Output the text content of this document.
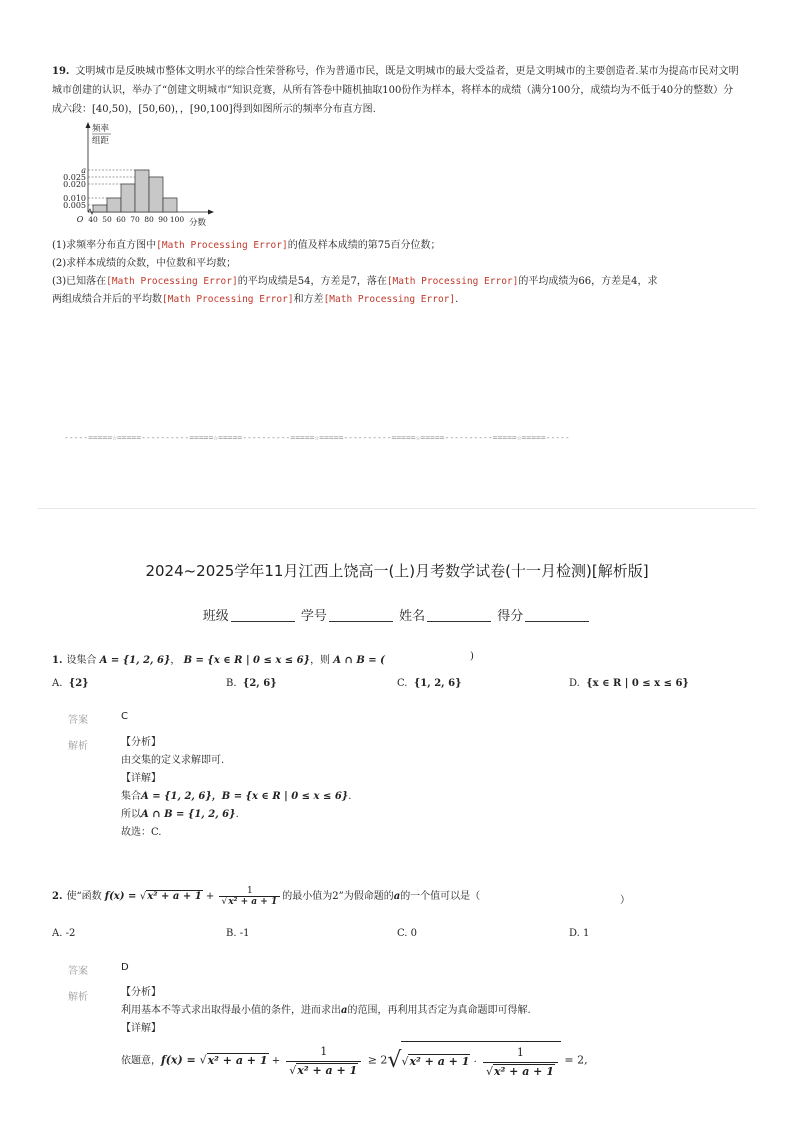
19. 文明城市是反映城市整体文明水平的综合性荣誉称号，作为普通市民，既是文明城市的最大受益者，更是文明城市的主要创造者.某市为提高市民对文明城市创建的认识，举办了“创建文明城市”知识竞赛，从所有答卷中随机抽取100份作为样本，将样本的成绩（满分100分，成绩均为不低于40分的整数）分成六段：[40,50)，[50,60)，，[90,100]得到如图所示的频率分布直方图.
0.005
0.010
0.020
0.025
a
40 50 60 70 80 90 100
O	分数
频率
组距
(1)求频率分布直方图中[Math Processing Error]的值及样本成绩的第75百分位数；
(2)求样本成绩的众数，中位数和平均数；
(3)已知落在[Math Processing Error]的平均成绩是54，方差是7，落在[Math Processing Error]的平均成绩为66，方差是4，求
两组成绩合并后的平均数[Math Processing Error]和方差[Math Processing Error].
-----=====☆=====----------=====☆=====----------=====☆=====----------=====☆=====----------=====☆=====-----
2024~2025学年11月江西上饶高一(上)月考数学试卷(十一月检测)[解析版]
班级	学号	姓名	得分
1. 设集合 A = {1, 2, 6}， B = {x ∈ R | 0 ≤ x ≤ 6}，则 A ∩ B = (	)
A. {2}	B. {2, 6}	C. {1, 2, 6}	D. {x ∈ R | 0 ≤ x ≤ 6}
答案	C
解析	【分析】
由交集的定义求解即可.
【详解】
集合A = {1, 2, 6}，B = {x ∈ R | 0 ≤ x ≤ 6}.
所以A ∩ B = {1, 2, 6}.
故选：C.
2. 使“函数 $f(x) = √x^2 + a + 1 + \frac{1}{\text{√x² + a + 1}}$ 的最小值为2”为假命题的a的一个值可以是（	）
A. -2	B. -1	C. 0	D. 1
答案	D
解析	【分析】
利用基本不等式求出取得最小值的条件，进而求出a的范围，再利用其否定为真命题即可得解.
【详解】
依题意，$f(x) = √x^2 + a + 1 + \frac{1}{\text{√x² + a + 1}} \ge 2√√x^2 + a + 1 \cdot \frac{1}{\text{√x² + a + 1}} = 2$,
